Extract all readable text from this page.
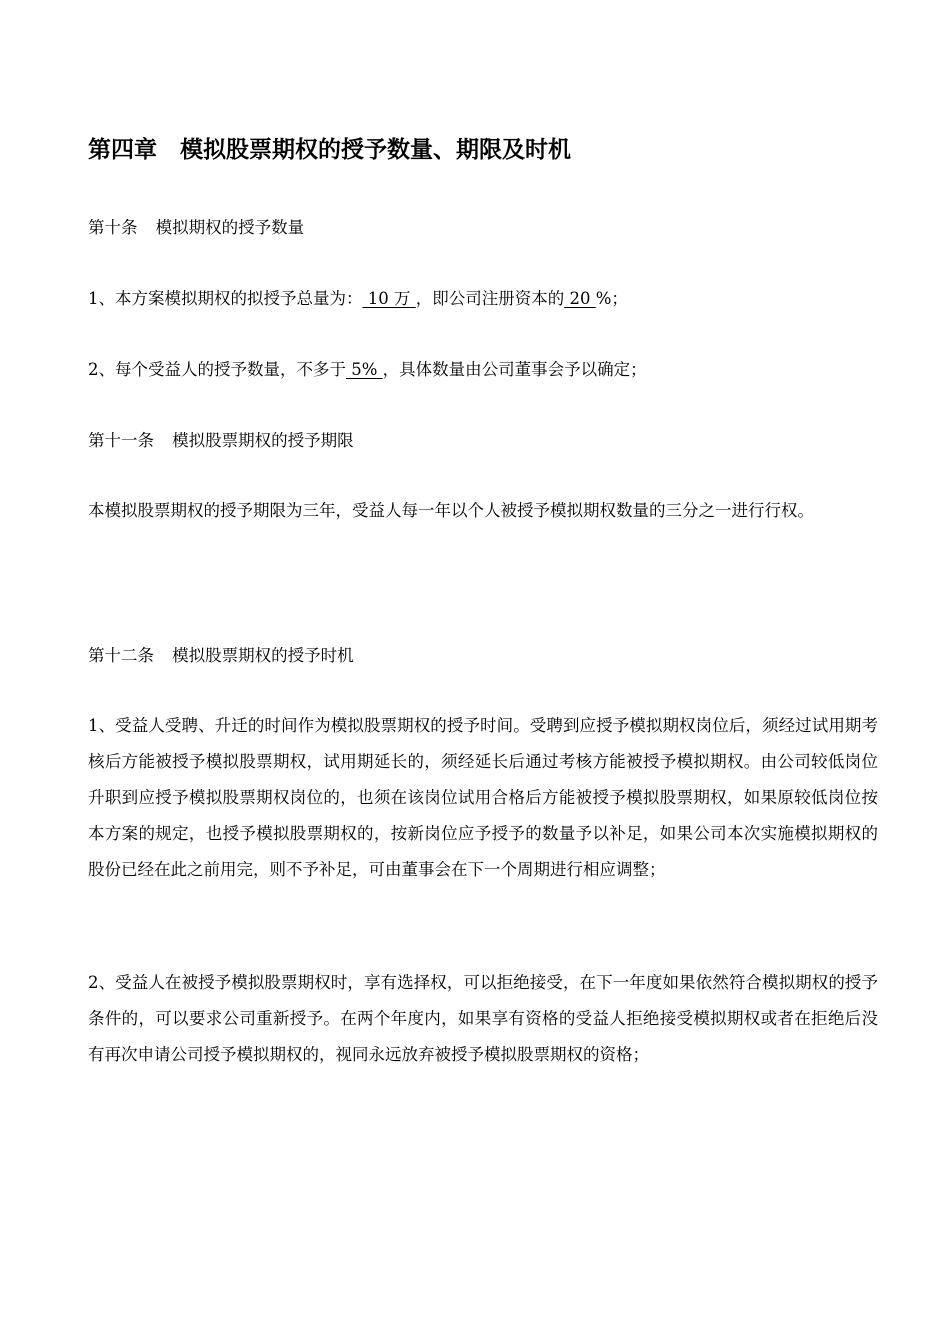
第四章　模拟股票期权的授予数量、期限及时机

第十条 模拟期权的授予数量

1、本方案模拟期权的拟授予总量为： 10 万 ，即公司注册资本的 20 %；

2、每个受益人的授予数量，不多于 5% ，具体数量由公司董事会予以确定；

第十一条 模拟股票期权的授予期限

本模拟股票期权的授予期限为三年，受益人每一年以个人被授予模拟期权数量的三分之一进行行权。

第十二条 模拟股票期权的授予时机

1、受益人受聘、升迁的时间作为模拟股票期权的授予时间。受聘到应授予模拟期权岗位后，须经过试用期考核后方能被授予模拟股票期权，试用期延长的，须经延长后通过考核方能被授予模拟期权。由公司较低岗位升职到应授予模拟股票期权岗位的，也须在该岗位试用合格后方能被授予模拟股票期权，如果原较低岗位按本方案的规定，也授予模拟股票期权的，按新岗位应予授予的数量予以补足，如果公司本次实施模拟期权的股份已经在此之前用完，则不予补足，可由董事会在下一个周期进行相应调整；

2、受益人在被授予模拟股票期权时，享有选择权，可以拒绝接受，在下一年度如果依然符合模拟期权的授予条件的，可以要求公司重新授予。在两个年度内，如果享有资格的受益人拒绝接受模拟期权或者在拒绝后没有再次申请公司授予模拟期权的，视同永远放弃被授予模拟股票期权的资格；
